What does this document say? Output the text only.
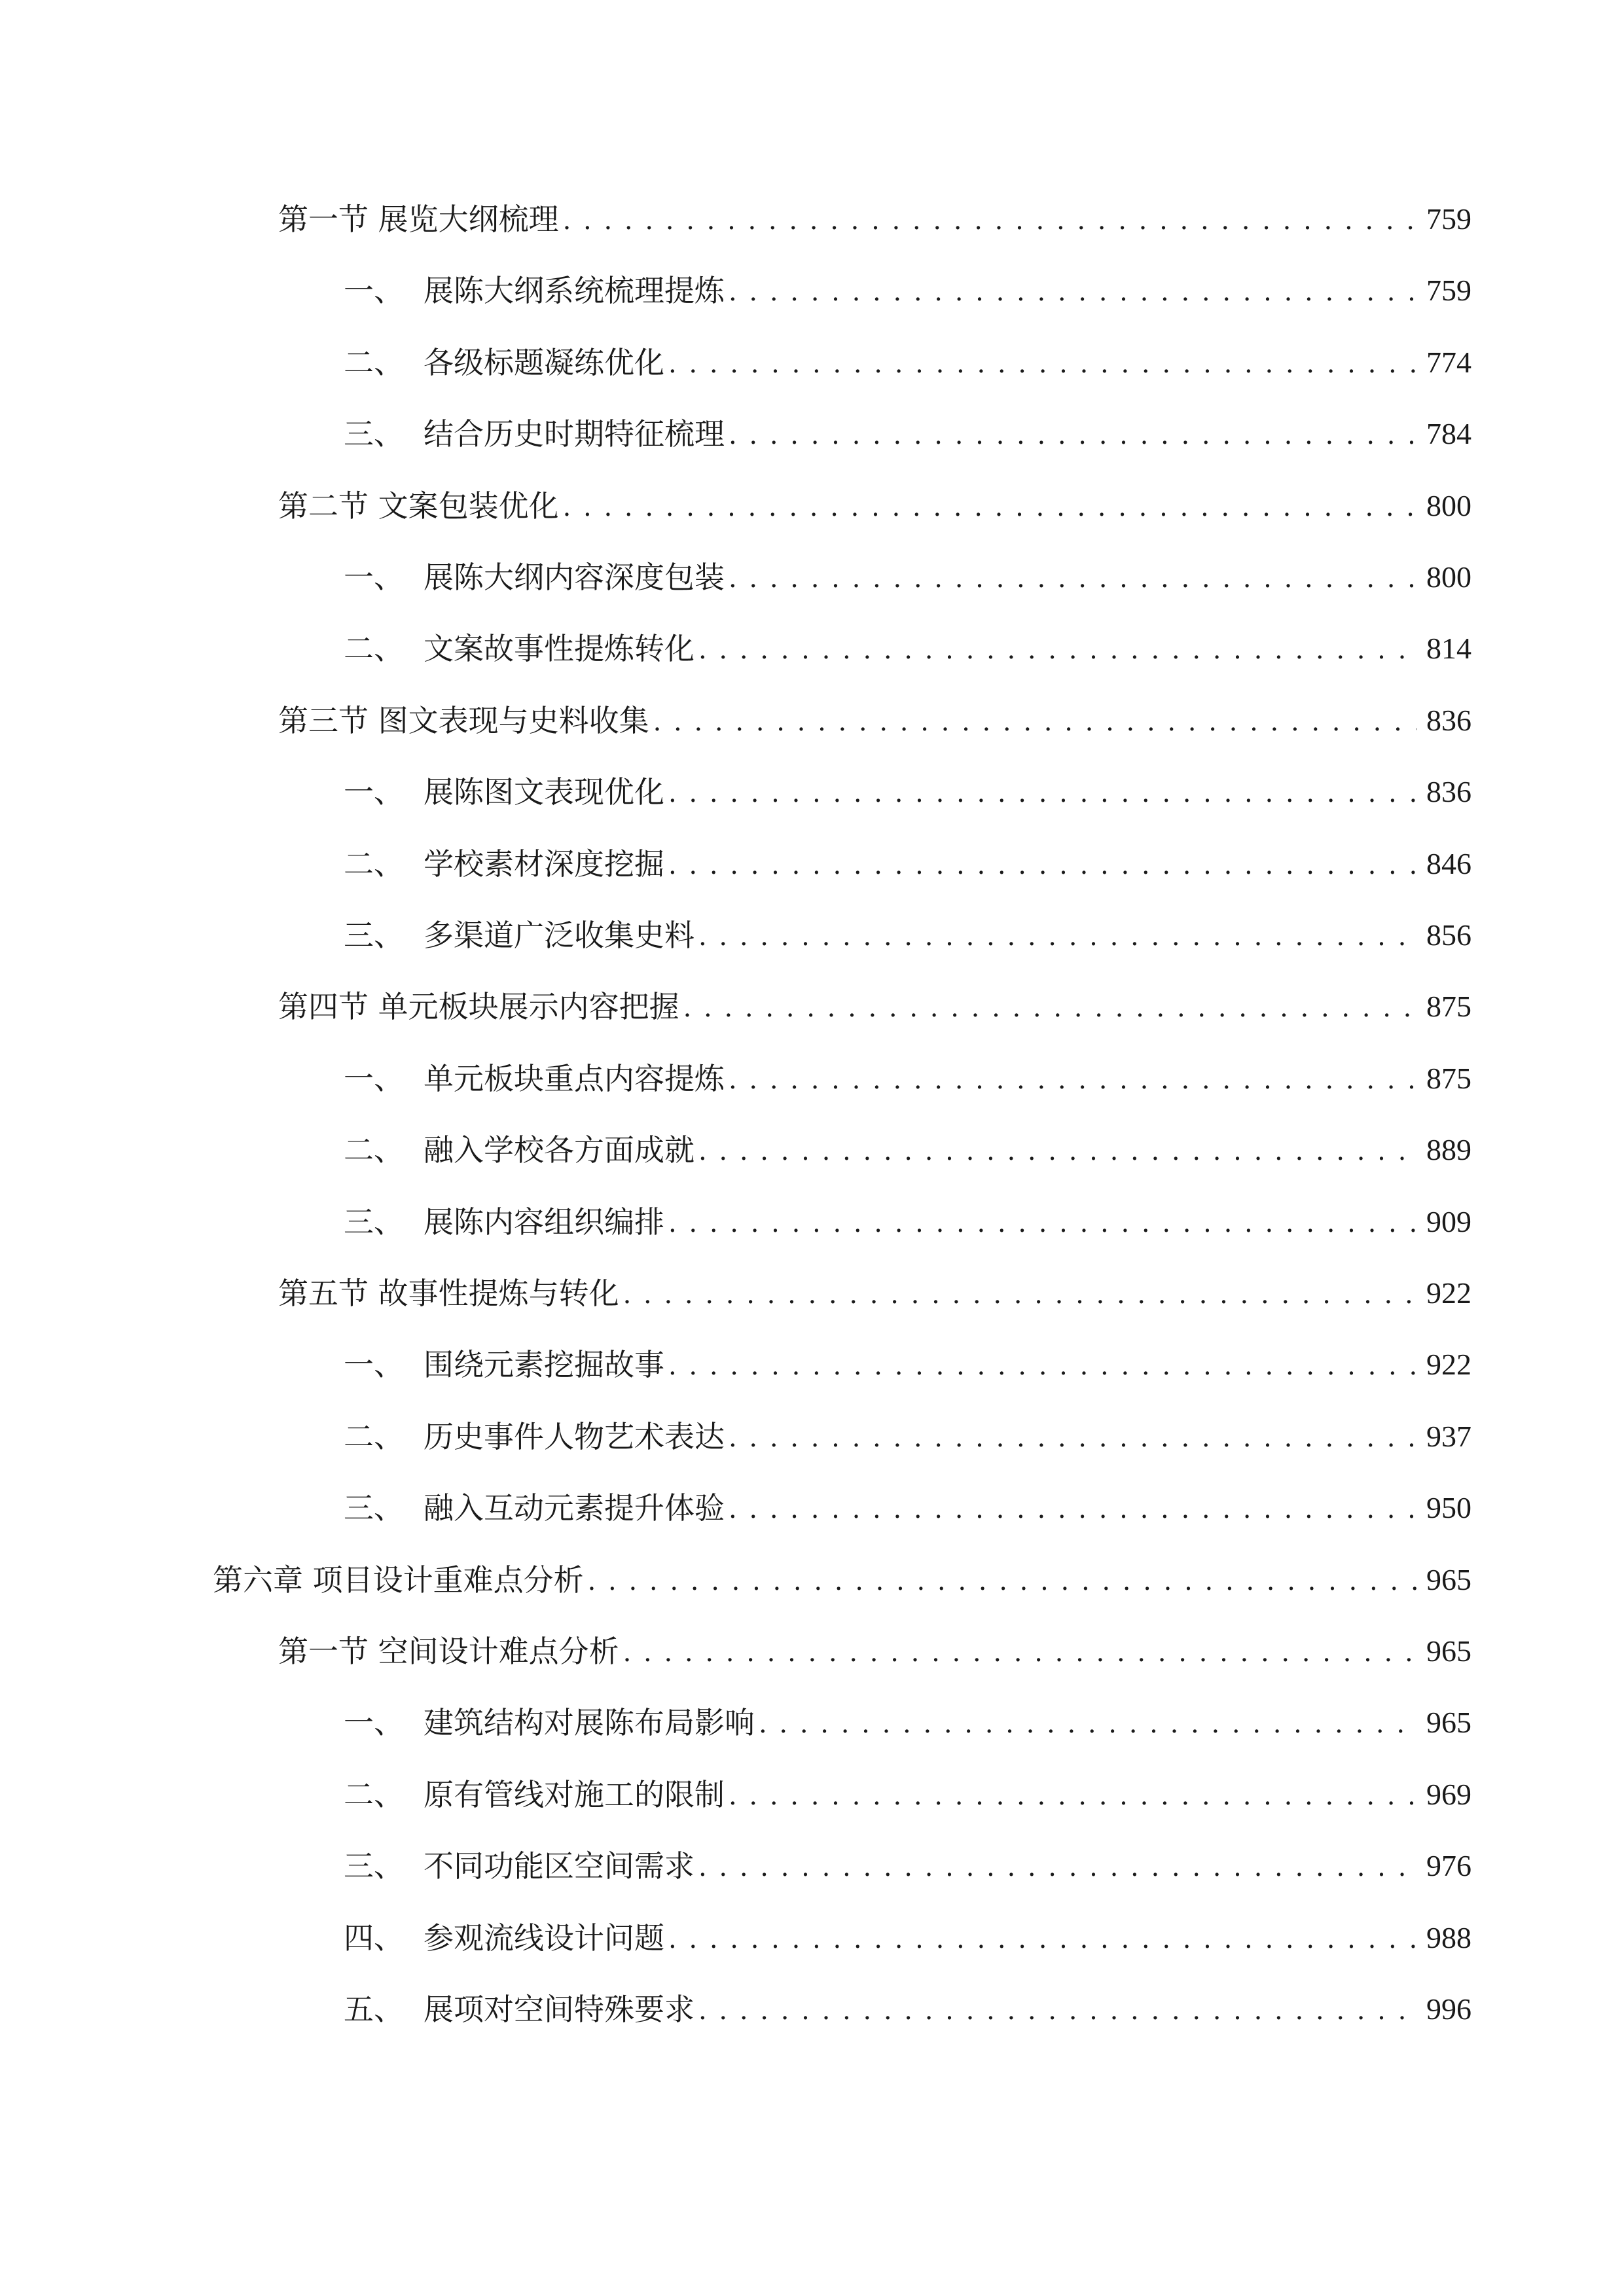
第一节 展览大纲梳理 . . .	759
一、 展陈大纲系统梳理提炼 . . .	759
二、 各级标题凝练优化 . . .	774
三、 结合历史时期特征梳理 . . .	784
第二节 文案包装优化 . . .	800
一、 展陈大纲内容深度包装 . . .	800
二、 文案故事性提炼转化 . . .	814
第三节 图文表现与史料收集 . . .	836
一、 展陈图文表现优化 . . .	836
二、 学校素材深度挖掘 . . .	846
三、 多渠道广泛收集史料 . . .	856
第四节 单元板块展示内容把握 . . .	875
一、 单元板块重点内容提炼 . . .	875
二、 融入学校各方面成就 . . .	889
三、 展陈内容组织编排 . . .	909
第五节 故事性提炼与转化 . . .	922
一、 围绕元素挖掘故事 . . .	922
二、 历史事件人物艺术表达 . . .	937
三、 融入互动元素提升体验 . . .	950
第六章 项目设计重难点分析 . . .	965
第一节 空间设计难点分析 . . .	965
一、 建筑结构对展陈布局影响 . . .	965
二、 原有管线对施工的限制 . . .	969
三、 不同功能区空间需求 . . .	976
四、 参观流线设计问题 . . .	988
五、 展项对空间特殊要求 . . .	996
